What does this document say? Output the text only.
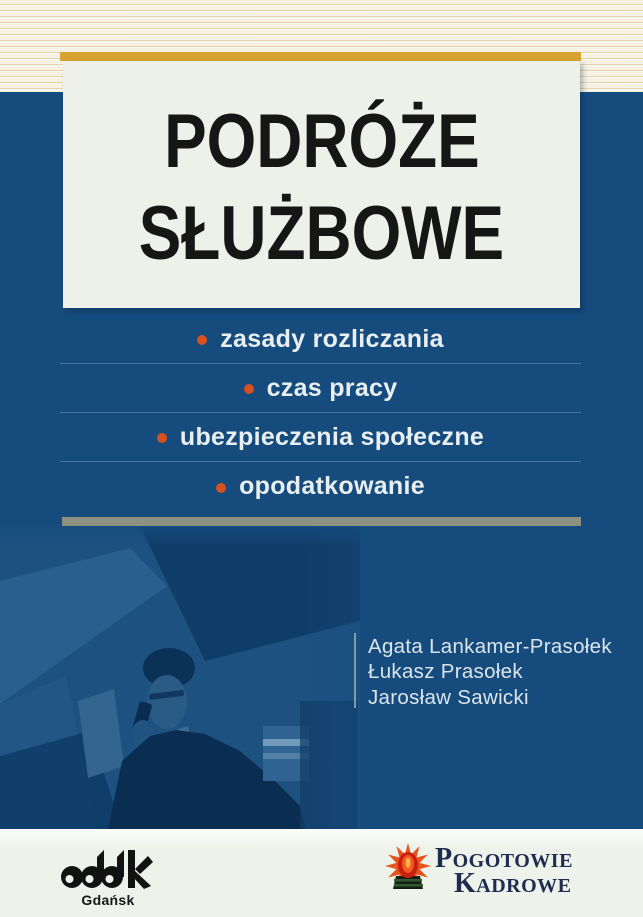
PODRÓŻE
SŁUŻBOWE
zasady rozliczania
czas pracy
ubezpieczenia społeczne
opodatkowanie
Agata Lankamer-Prasołek
Łukasz Prasołek
Jarosław Sawicki
Gdańsk
Pogotowie
Kadrowe
